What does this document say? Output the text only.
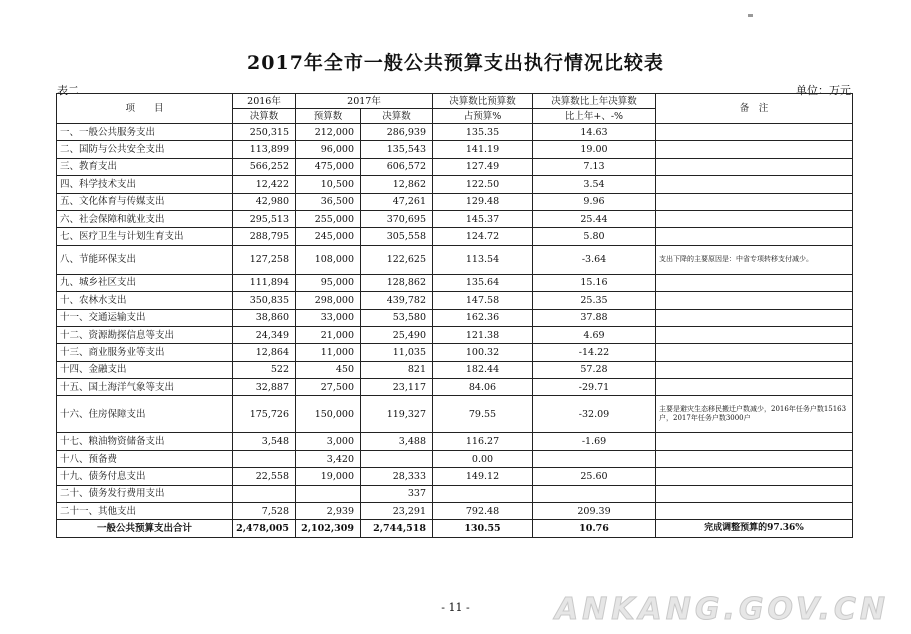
2017年全市一般公共预算支出执行情况比较表
表二	单位：万元
项　　目	2016年	2017年		决算数比预算数	决算数比上年决算数	备　注
	决算数	预算数	决算数	占预算%	比上年+、-%	
一、一般公共服务支出	250,315	212,000	286,939	135.35	14.63	
二、国防与公共安全支出	113,899	96,000	135,543	141.19	19.00	
三、教育支出	566,252	475,000	606,572	127.49	7.13	
四、科学技术支出	12,422	10,500	12,862	122.50	3.54	
五、文化体育与传媒支出	42,980	36,500	47,261	129.48	9.96	
六、社会保障和就业支出	295,513	255,000	370,695	145.37	25.44	
七、医疗卫生与计划生育支出	288,795	245,000	305,558	124.72	5.80	
八、节能环保支出	127,258	108,000	122,625	113.54	-3.64	支出下降的主要原因是：中省专项转移支付减少。
九、城乡社区支出	111,894	95,000	128,862	135.64	15.16	
十、农林水支出	350,835	298,000	439,782	147.58	25.35	
十一、交通运输支出	38,860	33,000	53,580	162.36	37.88	
十二、资源勘探信息等支出	24,349	21,000	25,490	121.38	4.69	
十三、商业服务业等支出	12,864	11,000	11,035	100.32	-14.22	
十四、金融支出	522	450	821	182.44	57.28	
十五、国土海洋气象等支出	32,887	27,500	23,117	84.06	-29.71	
十六、住房保障支出	175,726	150,000	119,327	79.55	-32.09	主要是避灾生态移民搬迁户数减少，2016年任务户数15163户，2017年任务户数3000户
十七、粮油物资储备支出	3,548	3,000	3,488	116.27	-1.69	
十八、预备费		3,420		0.00		
十九、债务付息支出	22,558	19,000	28,333	149.12	25.60	
二十、债务发行费用支出			337			
二十一、其他支出	7,528	2,939	23,291	792.48	209.39	
一般公共预算支出合计	2,478,005	2,102,309	2,744,518	130.55	10.76	完成调整预算的97.36%
- 11 -	ANKANG.GOV.CN
